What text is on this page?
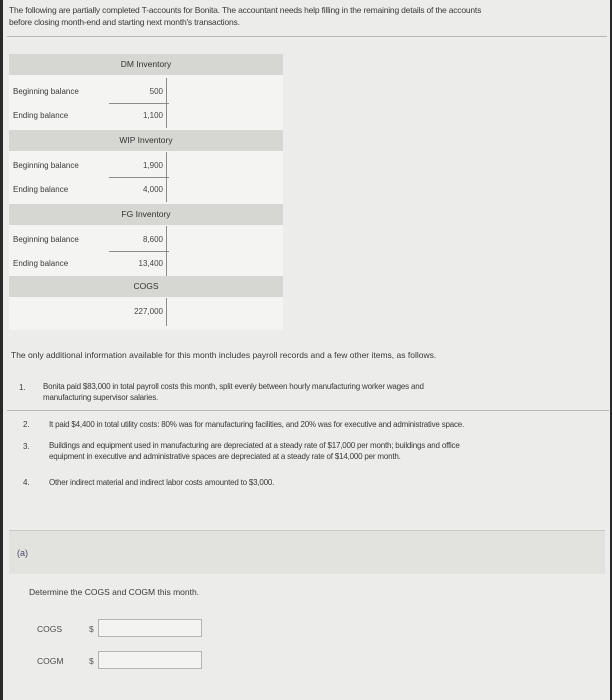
The following are partially completed T-accounts for Bonita. The accountant needs help filling in the remaining details of the accounts
before closing month-end and starting next month's transactions.
DM Inventory
Beginning balance	500
Ending balance	1,100
WIP Inventory
Beginning balance	1,900
Ending balance	4,000
FG Inventory
Beginning balance	8,600
Ending balance	13,400
COGS
227,000
The only additional information available for this month includes payroll records and a few other items, as follows.
1. Bonita paid $83,000 in total payroll costs this month, split evenly between hourly manufacturing worker wages and
manufacturing supervisor salaries.
2. It paid $4,400 in total utility costs: 80% was for manufacturing facilities, and 20% was for executive and administrative space.
3. Buildings and equipment used in manufacturing are depreciated at a steady rate of $17,000 per month; buildings and office
equipment in executive and administrative spaces are depreciated at a steady rate of $14,000 per month.
4. Other indirect material and indirect labor costs amounted to $3,000.
(a)
Determine the COGS and COGM this month.
COGS	$
COGM	$
